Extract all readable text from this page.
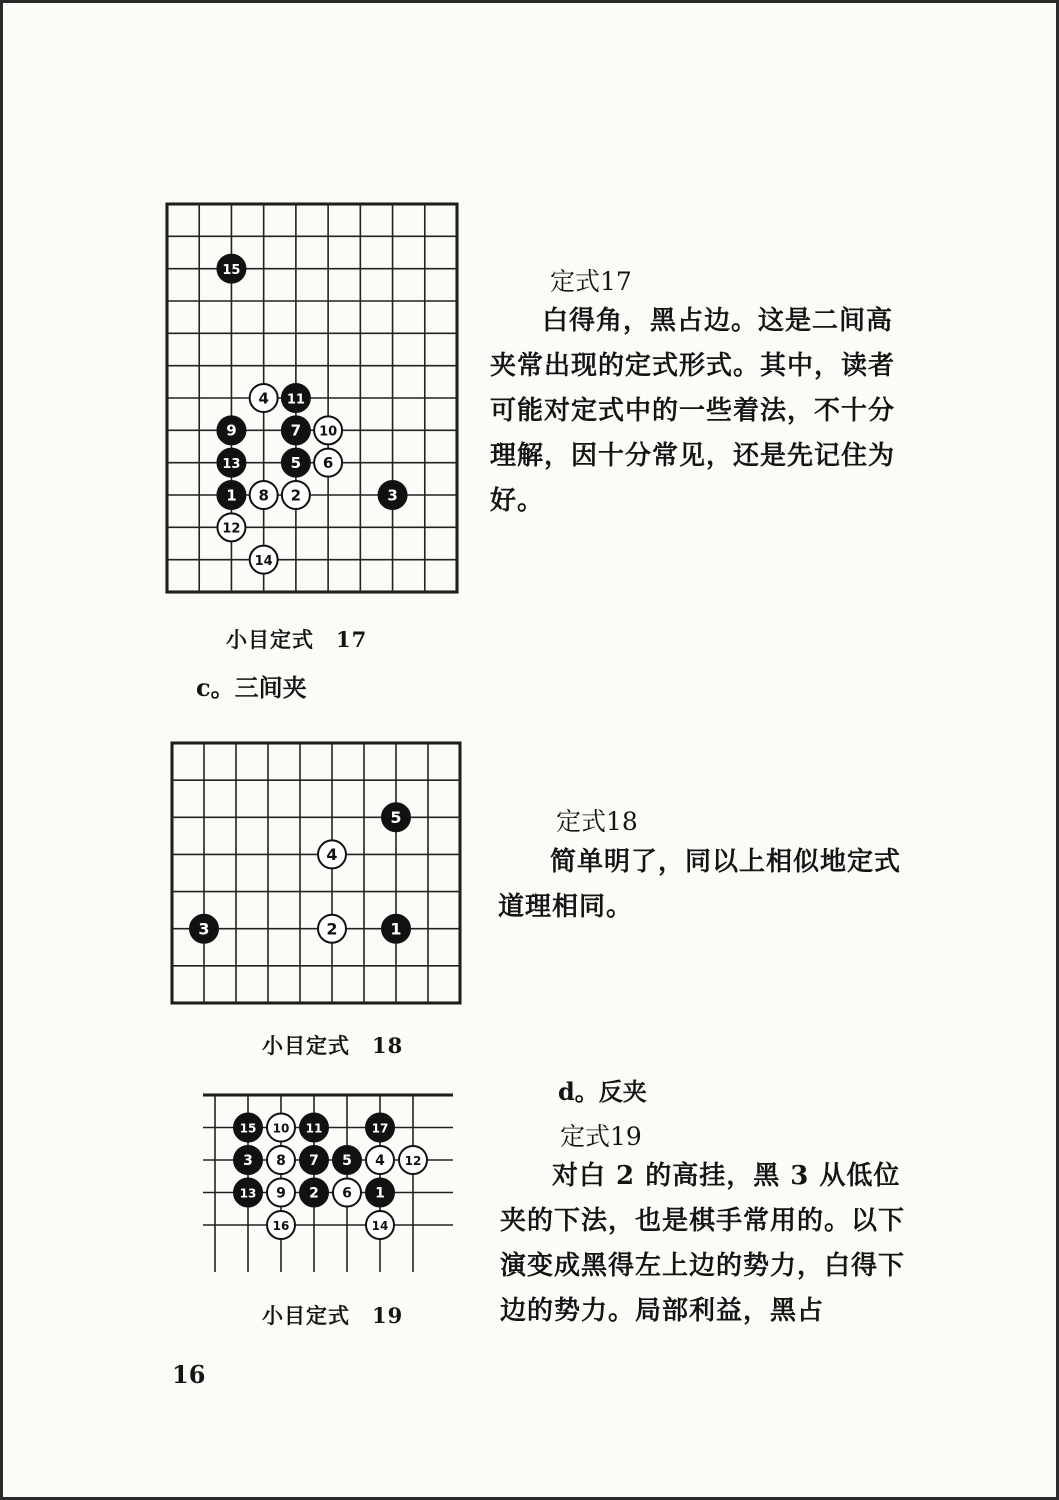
15
4 11
9	7 10
13	5 6
1 8 2	3
12
14
小目定式 17
定式17

白得角，黑占边。这是二间高夹常出现的定式形式。其中，读者可能对定式中的一些着法，不十分理解，因十分常见，还是先记住为好。

c。三间夹
5
4
3	2	1
小目定式 18
定式18

简单明了，同以上相似地定式道理相同。

15 10 11	17
3 8 7 5 4 12
13 9 2 6 1
16	14
小目定式 19
d。反夹
定式19

对白 2 的高挂，黑 3 从低位夹的下法，也是棋手常用的。以下演变成黑得左上边的势力，白得下边的势力。局部利益，黑占

16
